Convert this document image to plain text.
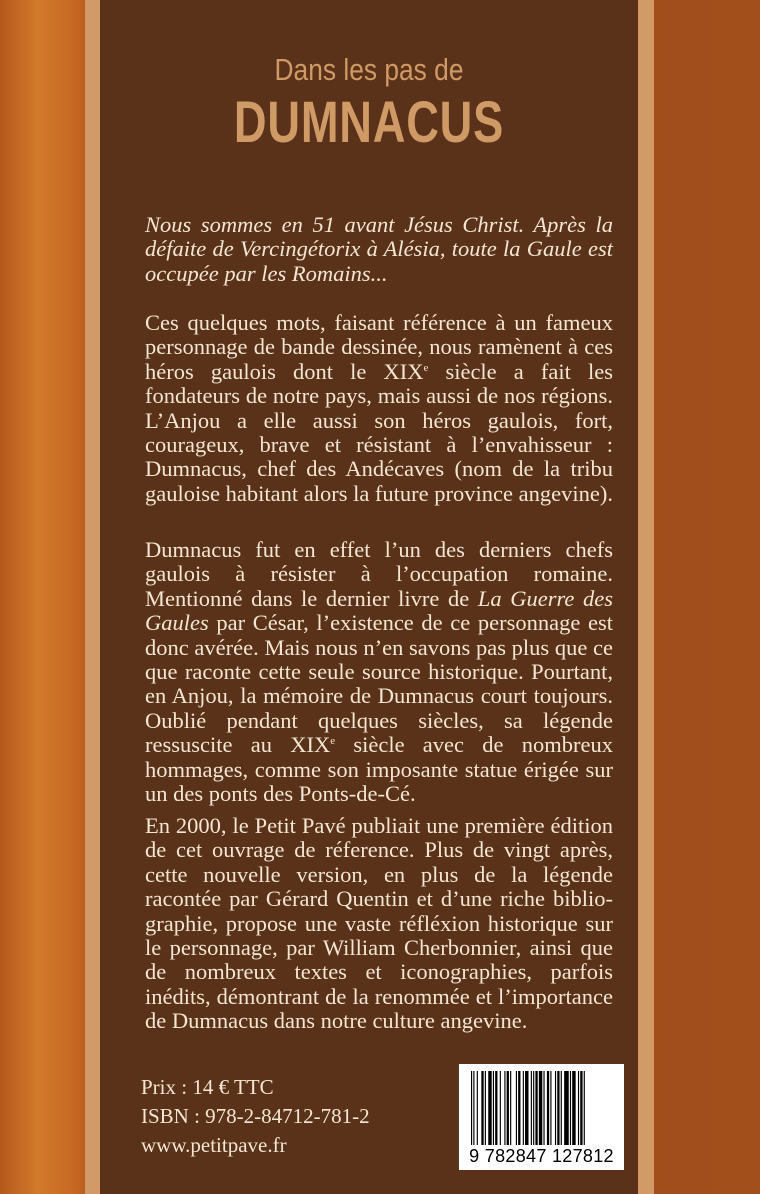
Dans les pas de
DUMNACUS

Nous sommes en 51 avant Jésus Christ. Après la défaite de Vercingétorix à Alésia, toute la Gaule est occupée par les Romains...

Ces quelques mots, faisant référence à un fameux personnage de bande dessinée, nous ramènent à ces héros gaulois dont le XIXe siècle a fait les fondateurs de notre pays, mais aussi de nos régions. L’Anjou a elle aussi son héros gaulois, fort, courageux, brave et résistant à l’envahisseur : Dumnacus, chef des Andécaves (nom de la tribu gauloise habitant alors la future province angevine).

Dumnacus fut en effet l’un des derniers chefs gaulois à résister à l’occupation romaine. Mentionné dans le dernier livre de La Guerre des Gaules par César, l’existence de ce personnage est donc avérée. Mais nous n’en savons pas plus que ce que raconte cette seule source historique. Pourtant, en Anjou, la mémoire de Dumnacus court toujours. Oublié pendant quelques siècles, sa légende ressuscite au XIXe siècle avec de nombreux hommages, comme son imposante statue érigée sur un des ponts des Ponts-de-Cé.

En 2000, le Petit Pavé publiait une première édition de cet ouvrage de réference. Plus de vingt après, cette nouvelle version, en plus de la légende racontée par Gérard Quentin et d’une riche bibliographie, propose une vaste réfléxion historique sur le personnage, par William Cherbonnier, ainsi que de nombreux textes et iconographies, parfois inédits, démontrant de la renommée et l’importance de Dumnacus dans notre culture angevine.

Prix : 14 € TTC
ISBN : 978-2-84712-781-2
www.petitpave.fr	9 782847 127812
